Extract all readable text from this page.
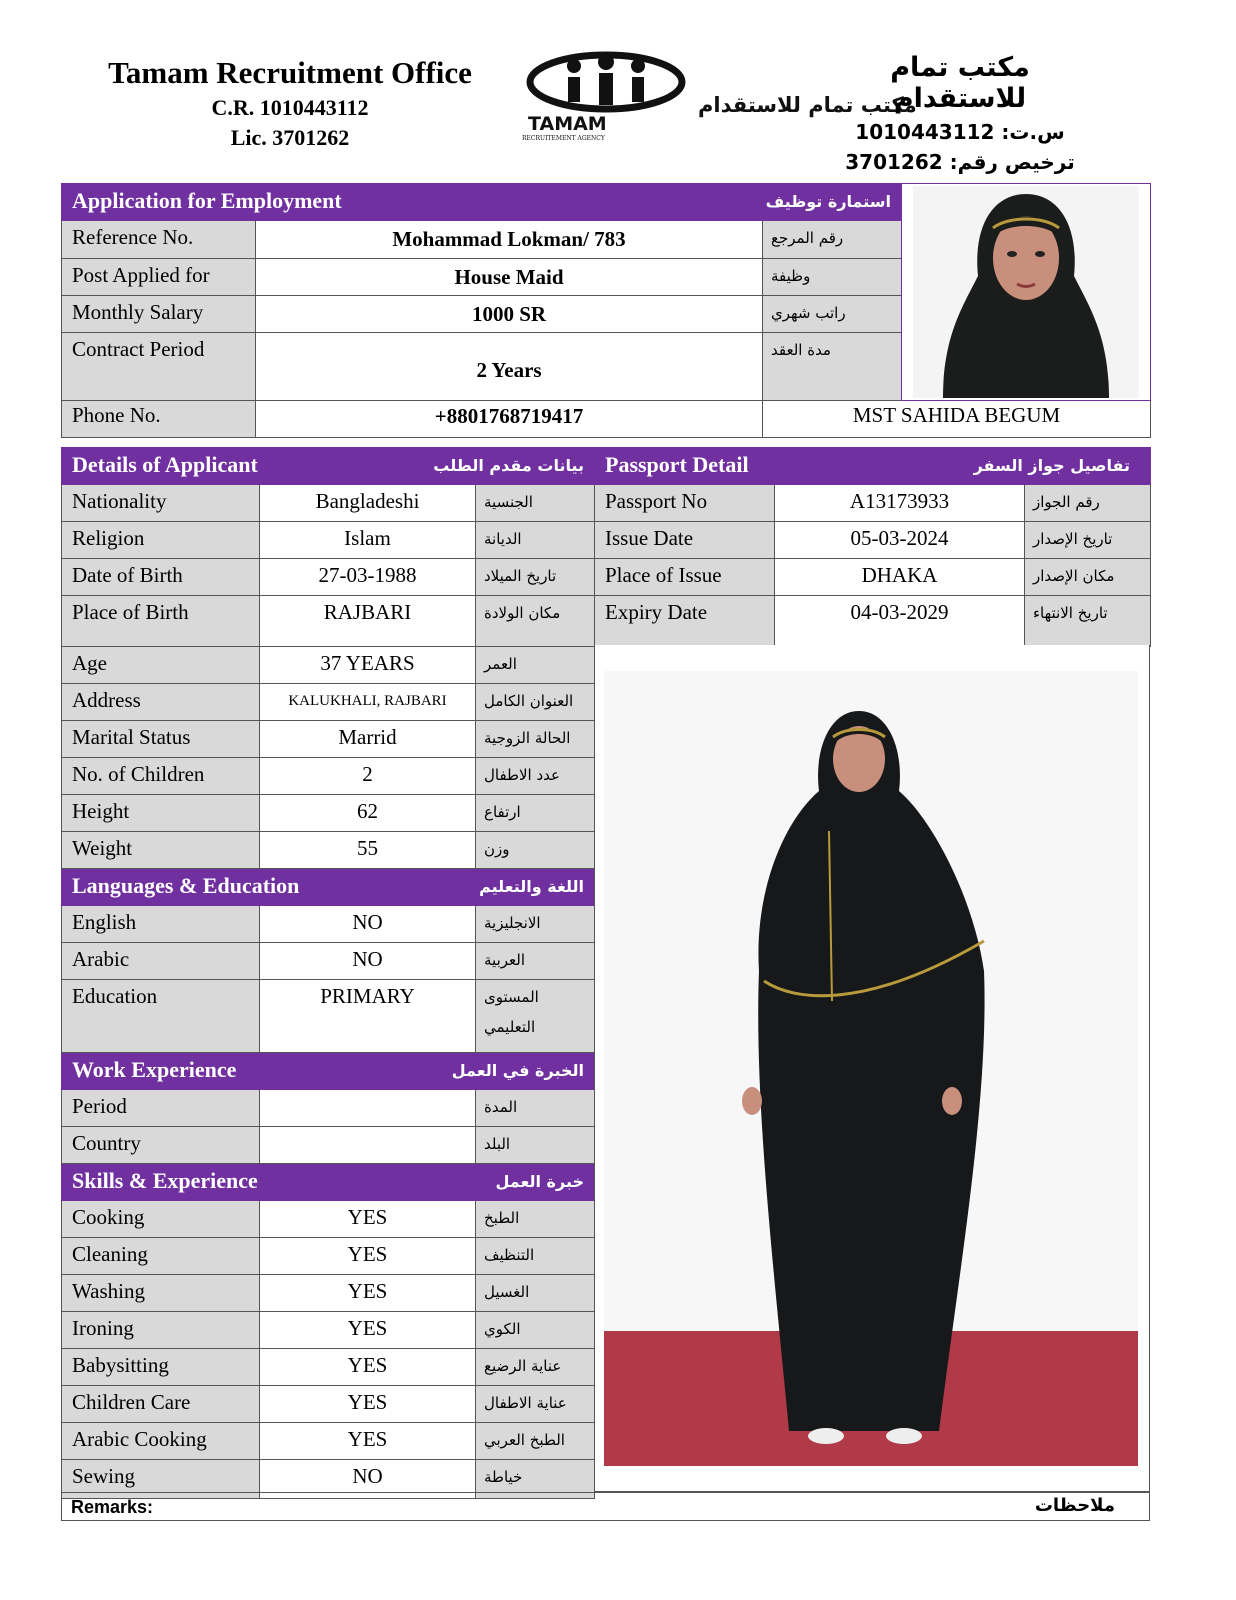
Tamam Recruitment Office
C.R. 1010443112
Lic. 3701262
مكتب تمام للاستقدام
TAMAM
RECRUITEMENT AGENCY
مكتب تمام للاستقدام
س.ت: 1010443112
ترخيص رقم: 3701262
Application for Employment استمارة توظيف

Reference No.	Mohammad Lokman/ 783	رقم المرجع	
Post Applied for	House Maid	وظيفة	
Monthly Salary	1000 SR	راتب شهري	
Contract Period	2 Years	مدة العقد	
Phone No.	+8801768719417	MST SAHIDA BEGUM	
Details of Applicant بيانات مقدم الطلب		

Nationality	Bangladeshi	الجنسية
Religion	Islam	الديانة
Date of Birth	27-03-1988	تاريخ الميلاد
Place of Birth	RAJBARI	مكان الولادة
Age	37 YEARS	العمر
Address	KALUKHALI, RAJBARI	العنوان الكامل
Marital Status	Marrid	الحالة الزوجية
No. of Children	2	عدد الاطفال
Height	62	ارتفاع
Weight	55	وزن
Languages & Education اللغة والتعليم		

English	NO	الانجليزية
Arabic	NO	العربية
Education	PRIMARY	المستوى
التعليمي

Work Experience الخبرة في العمل		

Period		المدة
Country		البلد
Skills & Experience خبرة العمل		

Cooking	YES	الطبخ
Cleaning	YES	التنظيف
Washing	YES	الغسيل
Ironing	YES	الكوي
Babysitting	YES	عناية الرضيع
Children Care	YES	عناية الاطفال
Arabic Cooking	YES	الطبخ العربي
Sewing	NO	خياطة
Passport Detail تفاصيل جواز السفر		

Passport No	A13173933	رقم الجواز
Issue Date	05-03-2024	تاريخ الإصدار
Place of Issue	DHAKA	مكان الإصدار
Expiry Date	04-03-2029	تاريخ الانتهاء
Remarks:	ملاحظات
